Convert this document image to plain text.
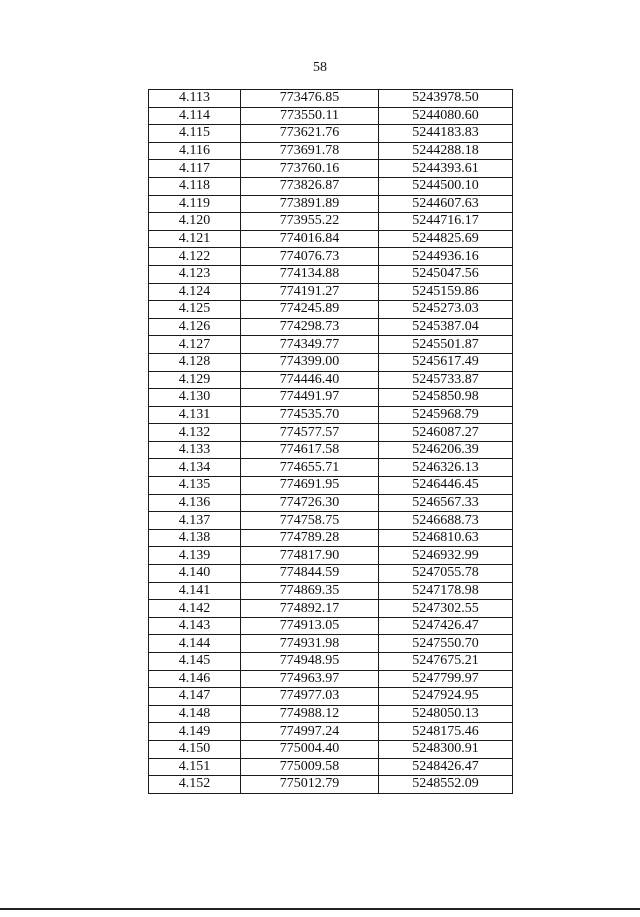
58
4.113	773476.85	5243978.50
4.114	773550.11	5244080.60
4.115	773621.76	5244183.83
4.116	773691.78	5244288.18
4.117	773760.16	5244393.61
4.118	773826.87	5244500.10
4.119	773891.89	5244607.63
4.120	773955.22	5244716.17
4.121	774016.84	5244825.69
4.122	774076.73	5244936.16
4.123	774134.88	5245047.56
4.124	774191.27	5245159.86
4.125	774245.89	5245273.03
4.126	774298.73	5245387.04
4.127	774349.77	5245501.87
4.128	774399.00	5245617.49
4.129	774446.40	5245733.87
4.130	774491.97	5245850.98
4.131	774535.70	5245968.79
4.132	774577.57	5246087.27
4.133	774617.58	5246206.39
4.134	774655.71	5246326.13
4.135	774691.95	5246446.45
4.136	774726.30	5246567.33
4.137	774758.75	5246688.73
4.138	774789.28	5246810.63
4.139	774817.90	5246932.99
4.140	774844.59	5247055.78
4.141	774869.35	5247178.98
4.142	774892.17	5247302.55
4.143	774913.05	5247426.47
4.144	774931.98	5247550.70
4.145	774948.95	5247675.21
4.146	774963.97	5247799.97
4.147	774977.03	5247924.95
4.148	774988.12	5248050.13
4.149	774997.24	5248175.46
4.150	775004.40	5248300.91
4.151	775009.58	5248426.47
4.152	775012.79	5248552.09
